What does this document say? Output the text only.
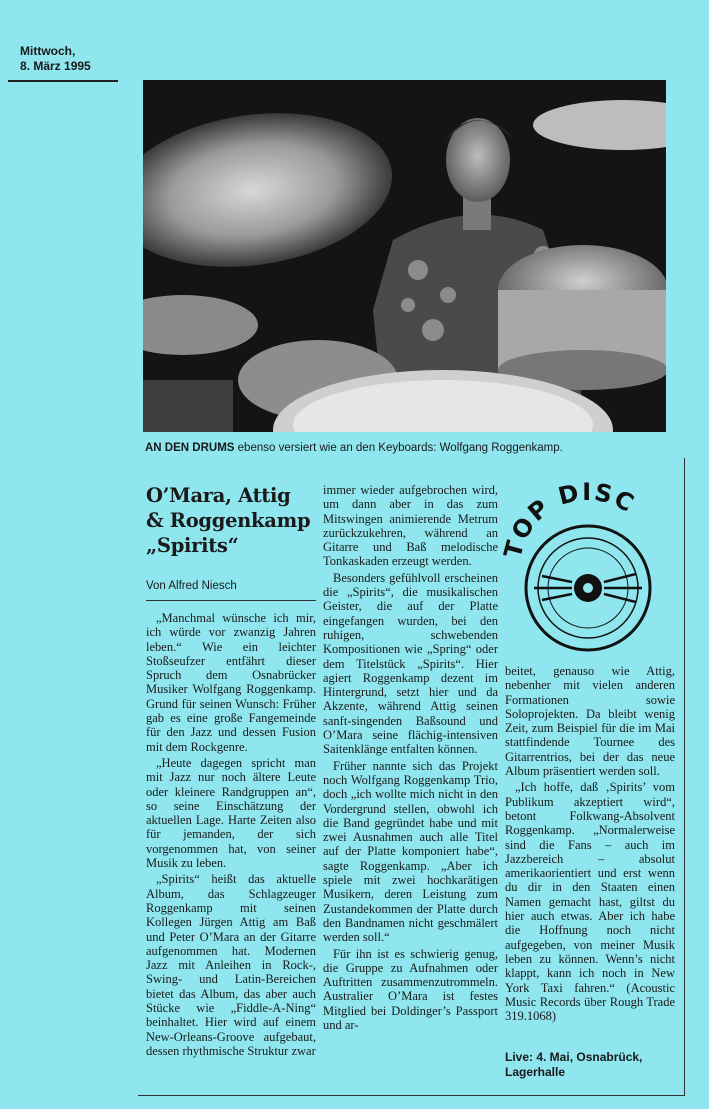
Mittwoch,
8. März 1995
AN DEN DRUMS ebenso versiert wie an den Keyboards: Wolfgang Roggenkamp.
O’Mara, Attig
& Roggenkamp
„Spirits“
Von Alfred Niesch

„Manchmal wünsche ich mir, ich würde vor zwanzig Jahren leben.“ Wie ein leichter Stoßseufzer entfährt dieser Spruch dem Osnabrücker Musiker Wolfgang Roggenkamp. Grund für seinen Wunsch: Früher gab es eine große Fangemeinde für den Jazz und dessen Fusion mit dem Rockgenre.

„Heute dagegen spricht man mit Jazz nur noch ältere Leute oder kleinere Randgruppen an“, so seine Einschätzung der aktuellen Lage. Harte Zeiten also für jemanden, der sich vorgenommen hat, von seiner Musik zu leben.

„Spirits“ heißt das aktuelle Album, das Schlagzeuger Roggenkamp mit seinen Kollegen Jürgen Attig am Baß und Peter O’Mara an der Gitarre aufgenommen hat. Modernen Jazz mit Anleihen in Rock-, Swing- und Latin-Bereichen bietet das Album, das aber auch Stücke wie „Fiddle-A-Ning“ beinhaltet. Hier wird auf einem New-Orleans-Groove aufgebaut, dessen rhythmische Struktur zwar

immer wieder aufgebrochen wird, um dann aber in das zum Mitswingen animierende Metrum zurückzukehren, während an Gitarre und Baß melodische Tonkaskaden erzeugt werden.

Besonders gefühlvoll erscheinen die „Spirits“, die musikalischen Geister, die auf der Platte eingefangen wurden, bei den ruhigen, schwebenden Kompositionen wie „Spring“ oder dem Titelstück „Spirits“. Hier agiert Roggenkamp dezent im Hintergrund, setzt hier und da Akzente, während Attig seinen sanft-singenden Baßsound und O’Mara seine flächig-intensiven Saitenklänge entfalten können.

Früher nannte sich das Projekt noch Wolfgang Roggenkamp Trio, doch „ich wollte mich nicht in den Vordergrund stellen, obwohl ich die Band gegründet habe und mit zwei Ausnahmen auch alle Titel auf der Platte komponiert habe“, sagte Roggenkamp. „Aber ich spiele mit zwei hochkarätigen Musikern, deren Leistung zum Zustandekommen der Platte durch den Bandnamen nicht geschmälert werden soll.“

Für ihn ist es schwierig genug, die Gruppe zu Aufnahmen oder Auftritten zusammenzutrommeln. Australier O’Mara ist festes Mitglied bei Doldinger’s Passport und ar-

TOPDISC

beitet, genauso wie Attig, nebenher mit vielen anderen Formationen sowie Soloprojekten. Da bleibt wenig Zeit, zum Beispiel für die im Mai stattfindende Tournee des Gitarrentrios, bei der das neue Album präsentiert werden soll.

„Ich hoffe, daß ‚Spirits’ vom Publikum akzeptiert wird“, betont Folkwang-Absolvent Roggenkamp. „Normalerweise sind die Fans – auch im Jazzbereich – absolut amerikaorientiert und erst wenn du dir in den Staaten einen Namen gemacht hast, giltst du hier auch etwas. Aber ich habe die Hoffnung noch nicht aufgegeben, von meiner Musik leben zu können. Wenn’s nicht klappt, kann ich noch in New York Taxi fahren.“ (Acoustic Music Records über Rough Trade 319.1068)

Live: 4. Mai, Osnabrück, Lagerhalle
